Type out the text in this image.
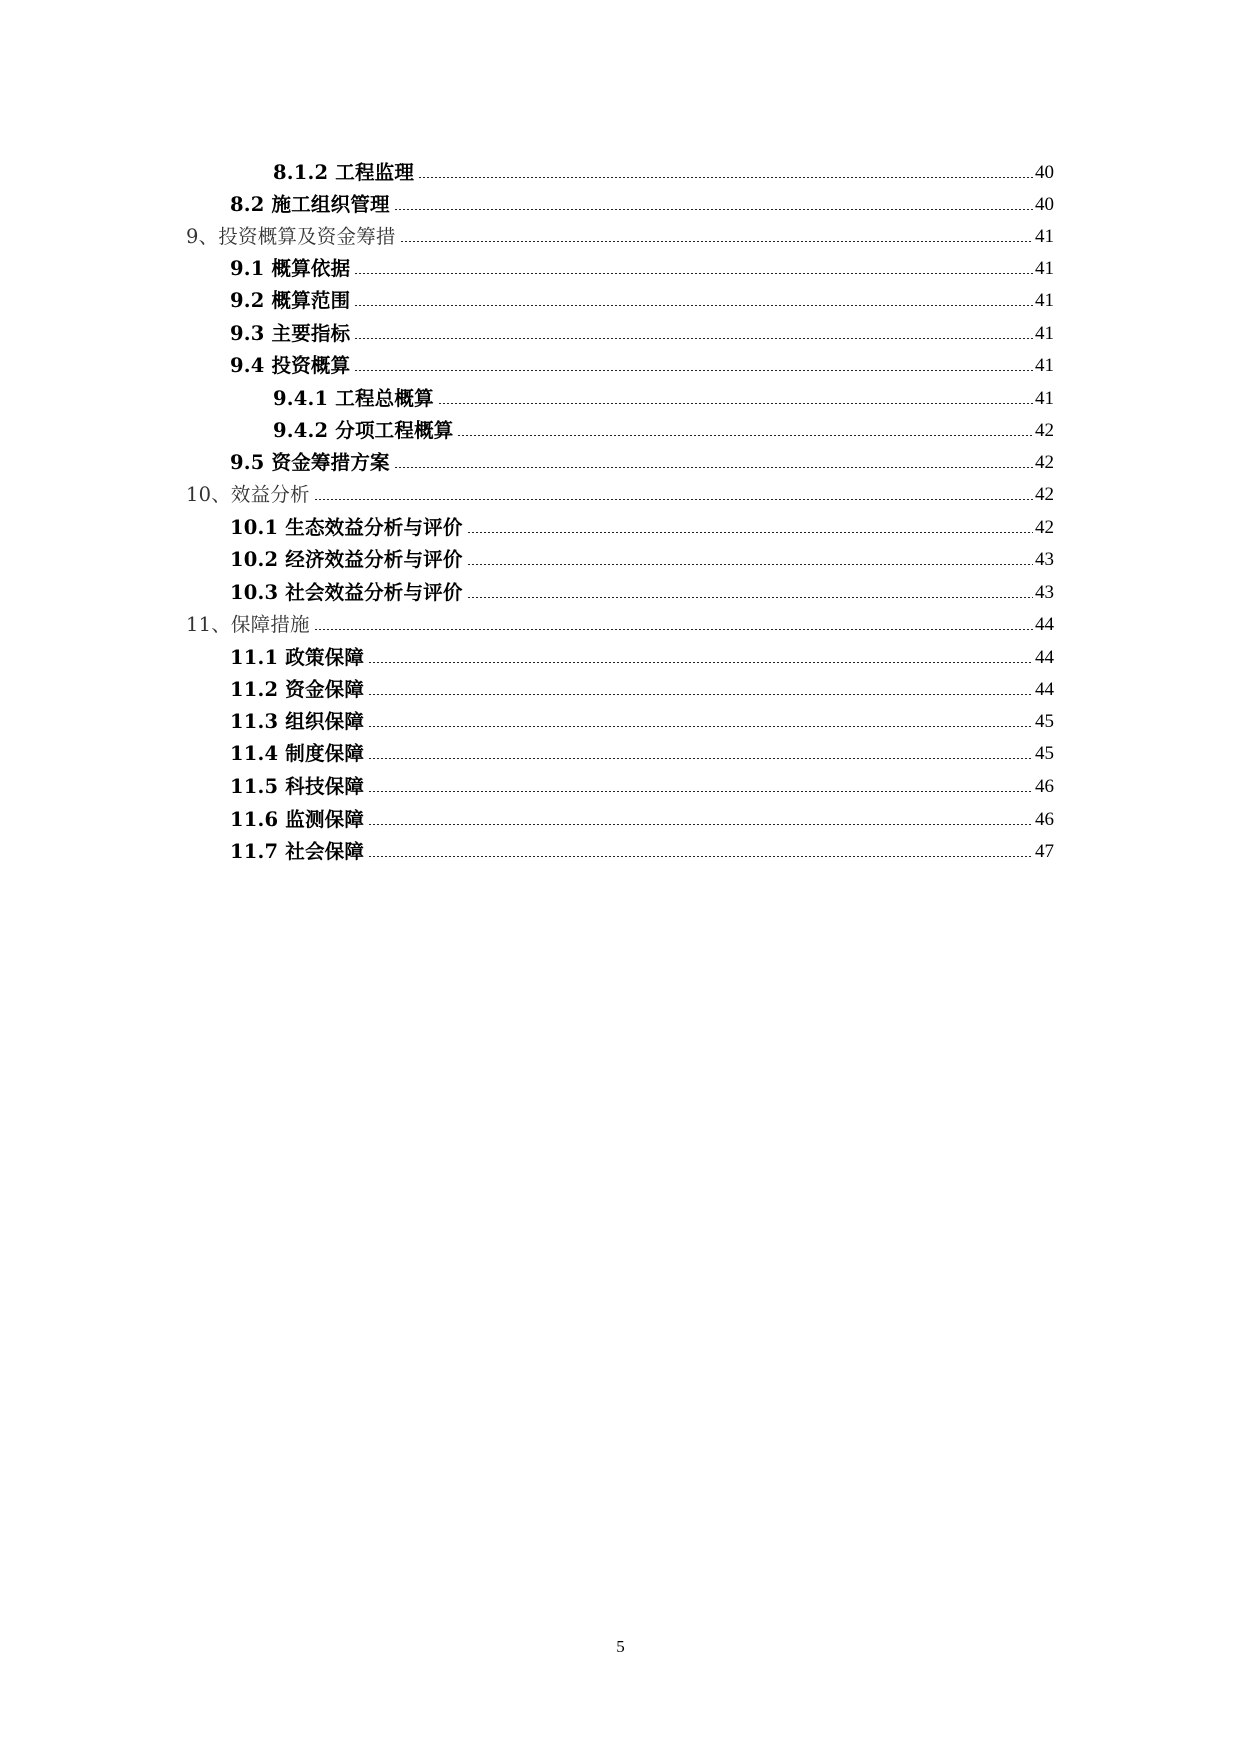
8.1.2 工程监理	40
8.2 施工组织管理	40
9、投资概算及资金筹措	41
9.1 概算依据	41
9.2 概算范围	41
9.3 主要指标	41
9.4 投资概算	41
9.4.1 工程总概算	41
9.4.2 分项工程概算	42
9.5 资金筹措方案	42
10、效益分析	42
10.1 生态效益分析与评价	42
10.2 经济效益分析与评价	43
10.3 社会效益分析与评价	43
11、保障措施	44
11.1 政策保障	44
11.2 资金保障	44
11.3 组织保障	45
11.4 制度保障	45
11.5 科技保障	46
11.6 监测保障	46
11.7 社会保障	47
5
